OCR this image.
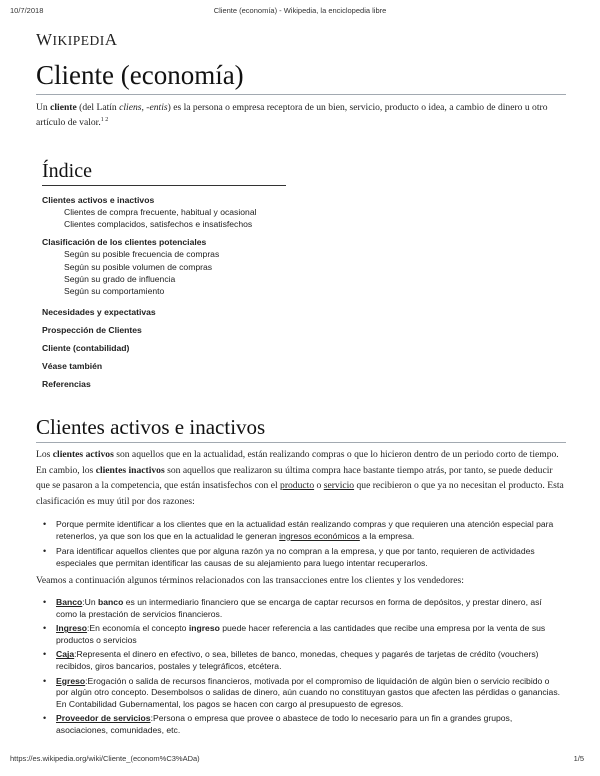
10/7/2018	Cliente (economía) - Wikipedia, la enciclopedia libre
WIKIPEDIA
Cliente (economía)

Un cliente (del Latín cliens, -entis) es la persona o empresa receptora de un bien, servicio, producto o idea, a cambio de dinero u otro artículo de valor.$^{1 2}$

Índice
Clientes activos e inactivos
Clientes de compra frecuente, habitual y ocasional
Clientes complacidos, satisfechos e insatisfechos
Clasificación de los clientes potenciales
Según su posible frecuencia de compras
Según su posible volumen de compras
Según su grado de influencia
Según su comportamiento
Necesidades y expectativas
Prospección de Clientes
Cliente (contabilidad)
Véase también
Referencias
Clientes activos e inactivos

Los clientes activos son aquellos que en la actualidad, están realizando compras o que lo hicieron dentro de un periodo corto de tiempo. En cambio, los clientes inactivos son aquellos que realizaron su última compra hace bastante tiempo atrás, por tanto, se puede deducir que se pasaron a la competencia, que están insatisfechos con el producto o servicio que recibieron o que ya no necesitan el producto. Esta clasificación es muy útil por dos razones:

• Porque permite identificar a los clientes que en la actualidad están realizando compras y que requieren una atención especial para retenerlos, ya que son los que en la actualidad le generan ingresos económicos a la empresa.
• Para identificar aquellos clientes que por alguna razón ya no compran a la empresa, y que por tanto, requieren de actividades especiales que permitan identificar las causas de su alejamiento para luego intentar recuperarlos.

Veamos a continuación algunos términos relacionados con las transacciones entre los clientes y los vendedores:

• Banco:Un banco es un intermediario financiero que se encarga de captar recursos en forma de depósitos, y prestar dinero, así como la prestación de servicios financieros.
• Ingreso:En economía el concepto ingreso puede hacer referencia a las cantidades que recibe una empresa por la venta de sus productos o servicios
• Caja:Representa el dinero en efectivo, o sea, billetes de banco, monedas, cheques y pagarés de tarjetas de crédito (vouchers) recibidos, giros bancarios, postales y telegráficos, etcétera.
• Egreso:Erogación o salida de recursos financieros, motivada por el compromiso de liquidación de algún bien o servicio recibido o por algún otro concepto. Desembolsos o salidas de dinero, aún cuando no constituyan gastos que afecten las pérdidas o ganancias. En Contabilidad Gubernamental, los pagos se hacen con cargo al presupuesto de egresos.
• Proveedor de servicios:Persona o empresa que provee o abastece de todo lo necesario para un fin a grandes grupos, asociaciones, comunidades, etc.
https://es.wikipedia.org/wiki/Cliente_(econom%C3%ADa)	1/5
